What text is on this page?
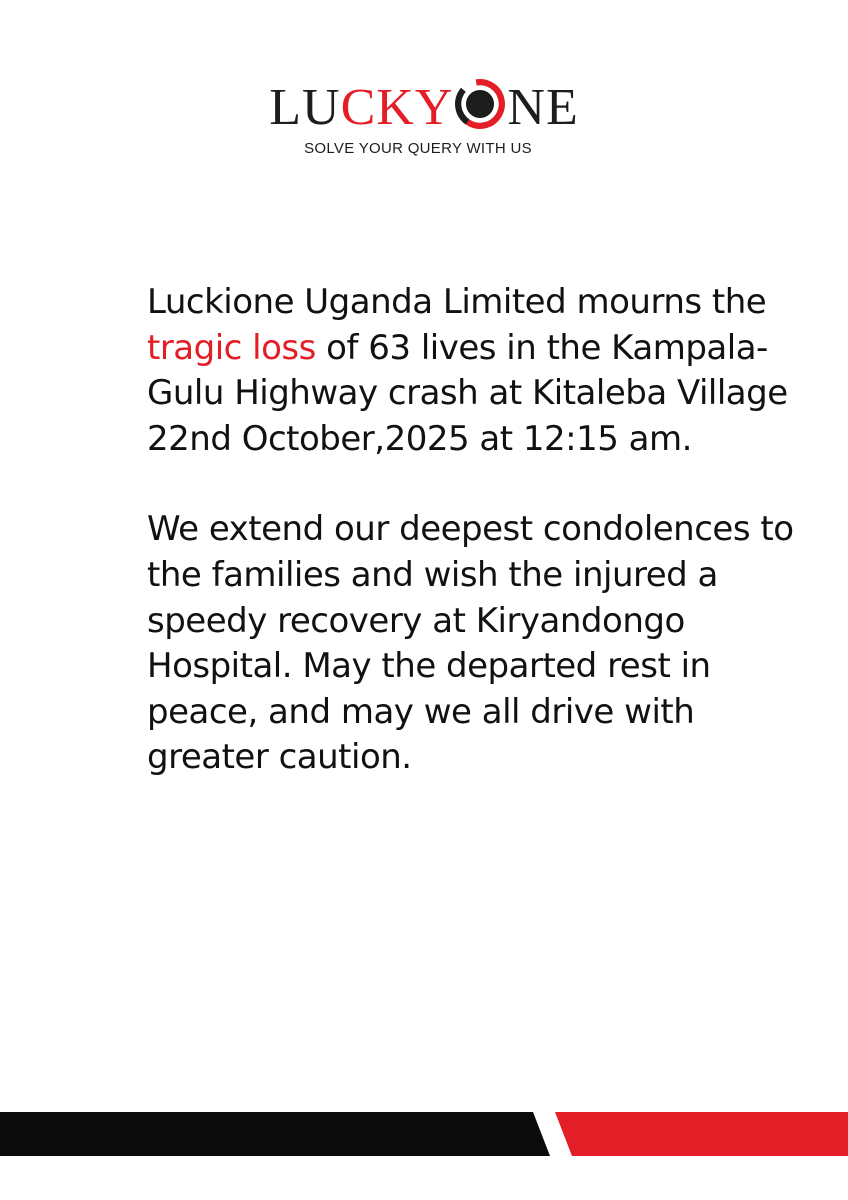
LUCKY NE
SOLVE YOUR QUERY WITH US

Luckione Uganda Limited mourns the tragic loss of 63 lives in the Kampala-Gulu Highway crash at Kitaleba Village 22nd October,2025 at 12:15 am.

We extend our deepest condolences to the families and wish the injured a speedy recovery at Kiryandongo Hospital. May the departed rest in peace, and may we all drive with greater caution.
